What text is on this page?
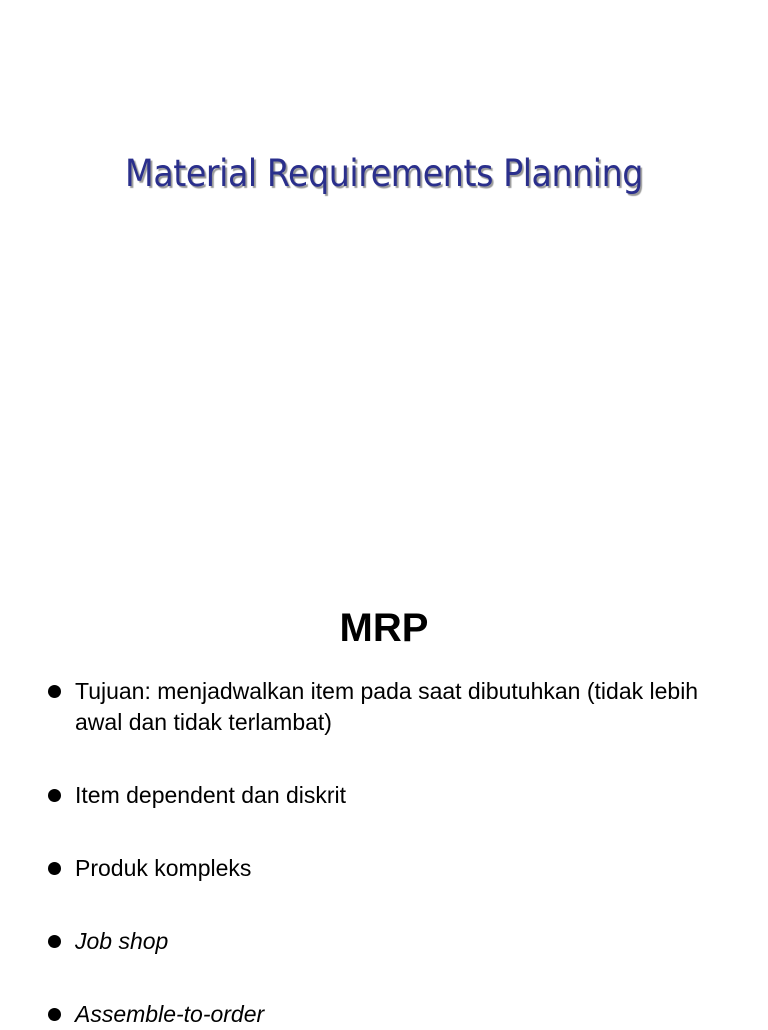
Material Requirements Planning
MRP
Tujuan: menjadwalkan item pada saat dibutuhkan (tidak lebih awal dan tidak terlambat)
Item dependent dan diskrit
Produk kompleks
Job shop
Assemble-to-order
